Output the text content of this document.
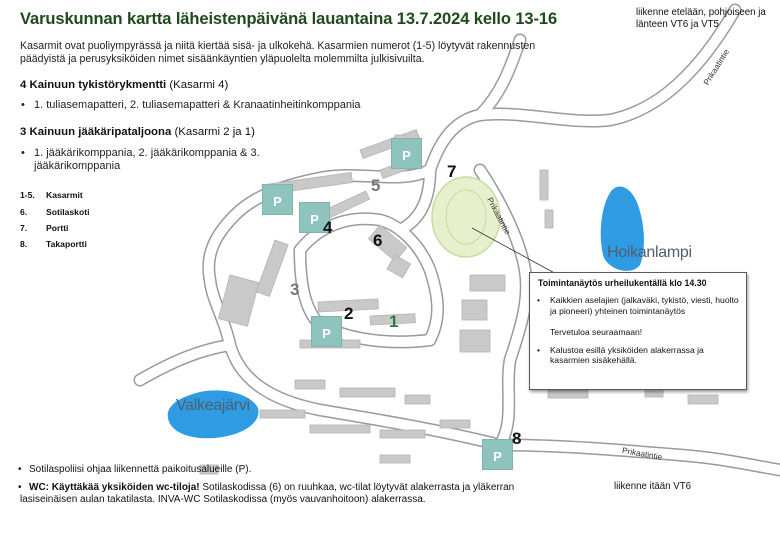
Varuskunnan kartta läheistenpäivänä lauantaina 13.7.2024 kello 13-16
Kasarmit ovat puoliympyrässä ja niitä kiertää sisä- ja ulkokehä. Kasarmien numerot (1-5) löytyvät rakennusten päädyistä ja perusyksiköiden nimet sisäänkäyntien yläpuolelta molemmilta julkisivuilta.
4 Kainuun tykistörykmentti (Kasarmi 4)
• 1. tuliasemapatteri, 2. tuliasemapatteri & Kranaatinheitinkomppania
3 Kainuun jääkäripataljoona (Kasarmi 2 ja 1)
• 1. jääkärikomppania, 2. jääkärikomppania & 3. jääkärikomppania
1-5. Kasarmit
6. Sotilaskoti
7. Portti
8. Takaportti
liikenne etelään, pohjoiseen ja länteen VT6 ja VT5
liikenne itään VT6
Prikaatintie
Prikaatintie
Prikaatintie
Hoikanlampi
Valkeajärvi
P
P
P
P
P
1
2
3
4
5
6
7
8
Toimintanäytös urheilukentällä klo 14.30
• Kaikkien aselajien (jalkaväki, tykistö, viesti, huolto ja pioneeri) yhteinen toimintanäytös
Tervetuloa seuraamaan!
• Kalustoa esillä yksiköiden alakerrassa ja kasarmien sisäkehällä.
• Sotilaspoliisi ohjaa liikennettä paikoitusalueille (P).
• WC: Käyttäkää yksiköiden wc-tiloja! Sotilaskodissa (6) on ruuhkaa, wc-tilat löytyvät alakerrasta ja yläkerran lasiseinäisen aulan takatilasta. INVA-WC Sotilaskodissa (myös vauvanhoitoon) alakerrassa.
